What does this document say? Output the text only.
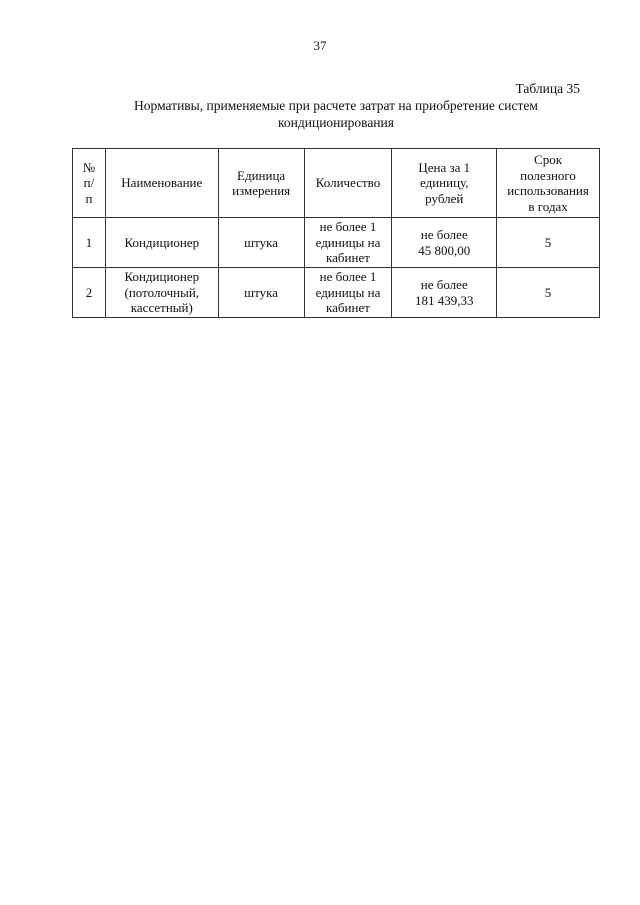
37
Таблица 35
Нормативы, применяемые при расчете затрат на приобретение систем
кондиционирования
№
п/
п	Наименование	Единица
измерения	Количество	Цена за 1
единицу,
рублей	Срок
полезного
использования
в годах

1	Кондиционер	штука	не более 1
единицы на
кабинет	не более
45 800,00	5

2	Кондиционер
(потолочный,
кассетный)	штука	не более 1
единицы на
кабинет	не более
181 439,33	5
